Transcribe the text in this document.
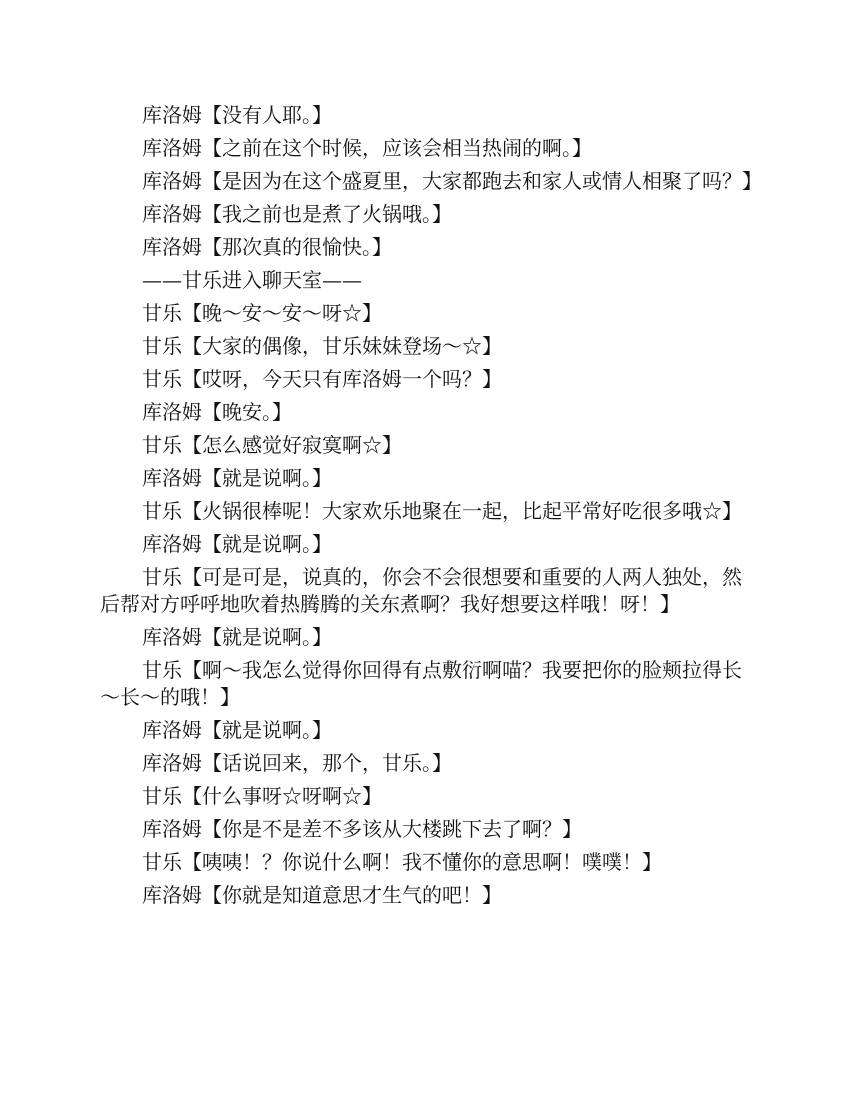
库洛姆【没有人耶。】

库洛姆【之前在这个时候，应该会相当热闹的啊。】

库洛姆【是因为在这个盛夏里，大家都跑去和家人或情人相聚了吗？】

库洛姆【我之前也是煮了火锅哦。】

库洛姆【那次真的很愉快。】

——甘乐进入聊天室——

甘乐【晚～安～安～呀☆】

甘乐【大家的偶像，甘乐妹妹登场～☆】

甘乐【哎呀，今天只有库洛姆一个吗？】

库洛姆【晚安。】

甘乐【怎么感觉好寂寞啊☆】

库洛姆【就是说啊。】

甘乐【火锅很棒呢！大家欢乐地聚在一起，比起平常好吃很多哦☆】

库洛姆【就是说啊。】

甘乐【可是可是，说真的，你会不会很想要和重要的人两人独处，然后帮对方呼呼地吹着热腾腾的关东煮啊？我好想要这样哦！呀！】

库洛姆【就是说啊。】

甘乐【啊～我怎么觉得你回得有点敷衍啊喵？我要把你的脸颊拉得长～长～的哦！】

库洛姆【就是说啊。】

库洛姆【话说回来，那个，甘乐。】

甘乐【什么事呀☆呀啊☆】

库洛姆【你是不是差不多该从大楼跳下去了啊？】

甘乐【咦咦！？你说什么啊！我不懂你的意思啊！噗噗！】

库洛姆【你就是知道意思才生气的吧！】
